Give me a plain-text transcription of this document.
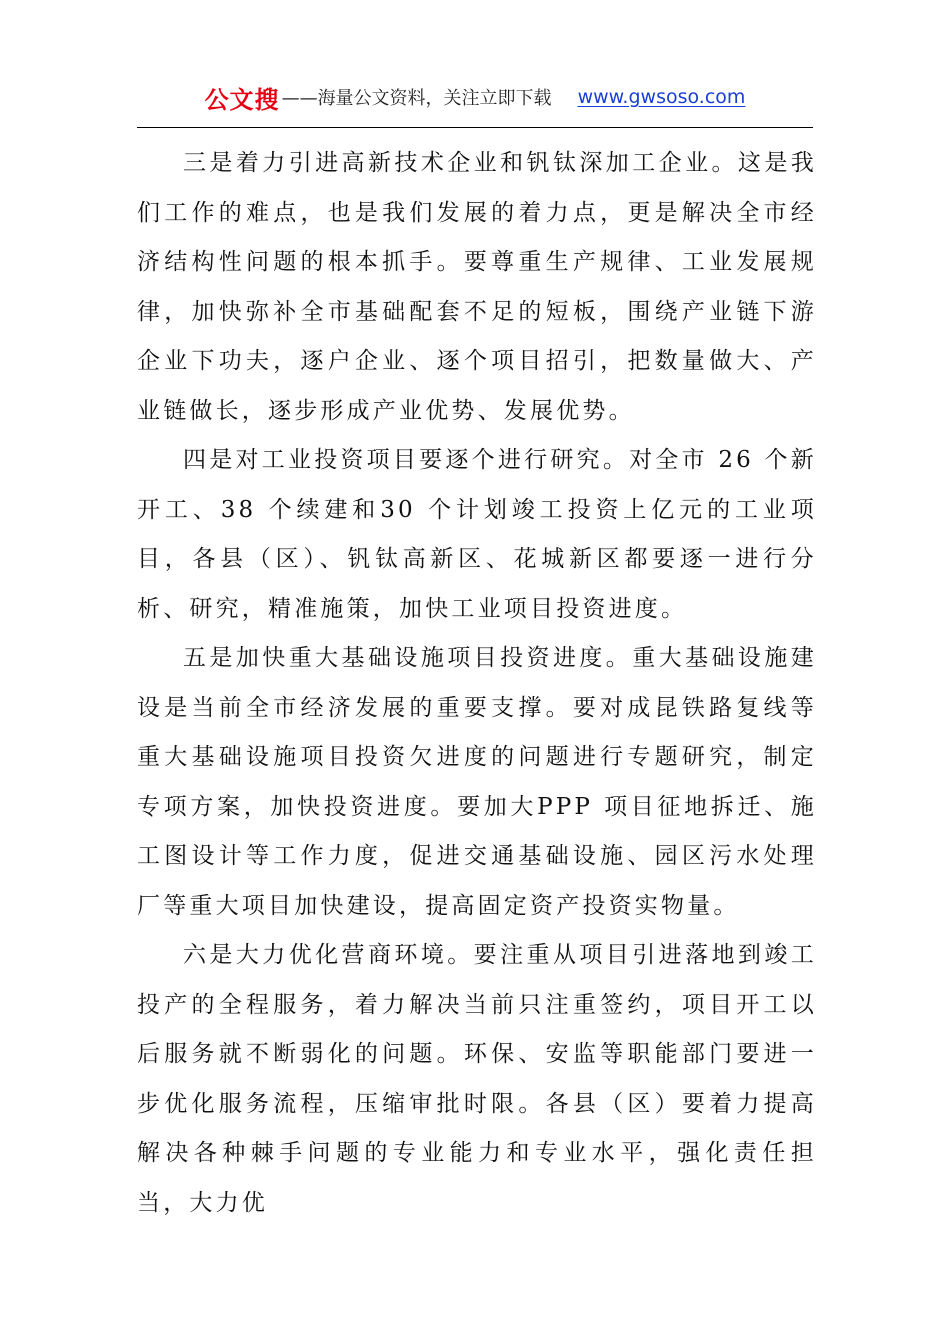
公文搜 ——海量公文资料，关注立即下载 www.gwsoso.com

三是着力引进高新技术企业和钒钛深加工企业。这是我们工作的难点，也是我们发展的着力点，更是解决全市经济结构性问题的根本抓手。要尊重生产规律、工业发展规律，加快弥补全市基础配套不足的短板，围绕产业链下游企业下功夫，逐户企业、逐个项目招引，把数量做大、产业链做长，逐步形成产业优势、发展优势。

四是对工业投资项目要逐个进行研究。对全市 26 个新开工、38 个续建和30 个计划竣工投资上亿元的工业项目，各县（区）、钒钛高新区、花城新区都要逐一进行分析、研究，精准施策，加快工业项目投资进度。

五是加快重大基础设施项目投资进度。重大基础设施建设是当前全市经济发展的重要支撑。要对成昆铁路复线等重大基础设施项目投资欠进度的问题进行专题研究，制定专项方案，加快投资进度。要加大PPP 项目征地拆迁、施工图设计等工作力度，促进交通基础设施、园区污水处理厂等重大项目加快建设，提高固定资产投资实物量。

六是大力优化营商环境。要注重从项目引进落地到竣工投产的全程服务，着力解决当前只注重签约，项目开工以后服务就不断弱化的问题。环保、安监等职能部门要进一步优化服务流程，压缩审批时限。各县（区）要着力提高解决各种棘手问题的专业能力和专业水平，强化责任担当，大力优
